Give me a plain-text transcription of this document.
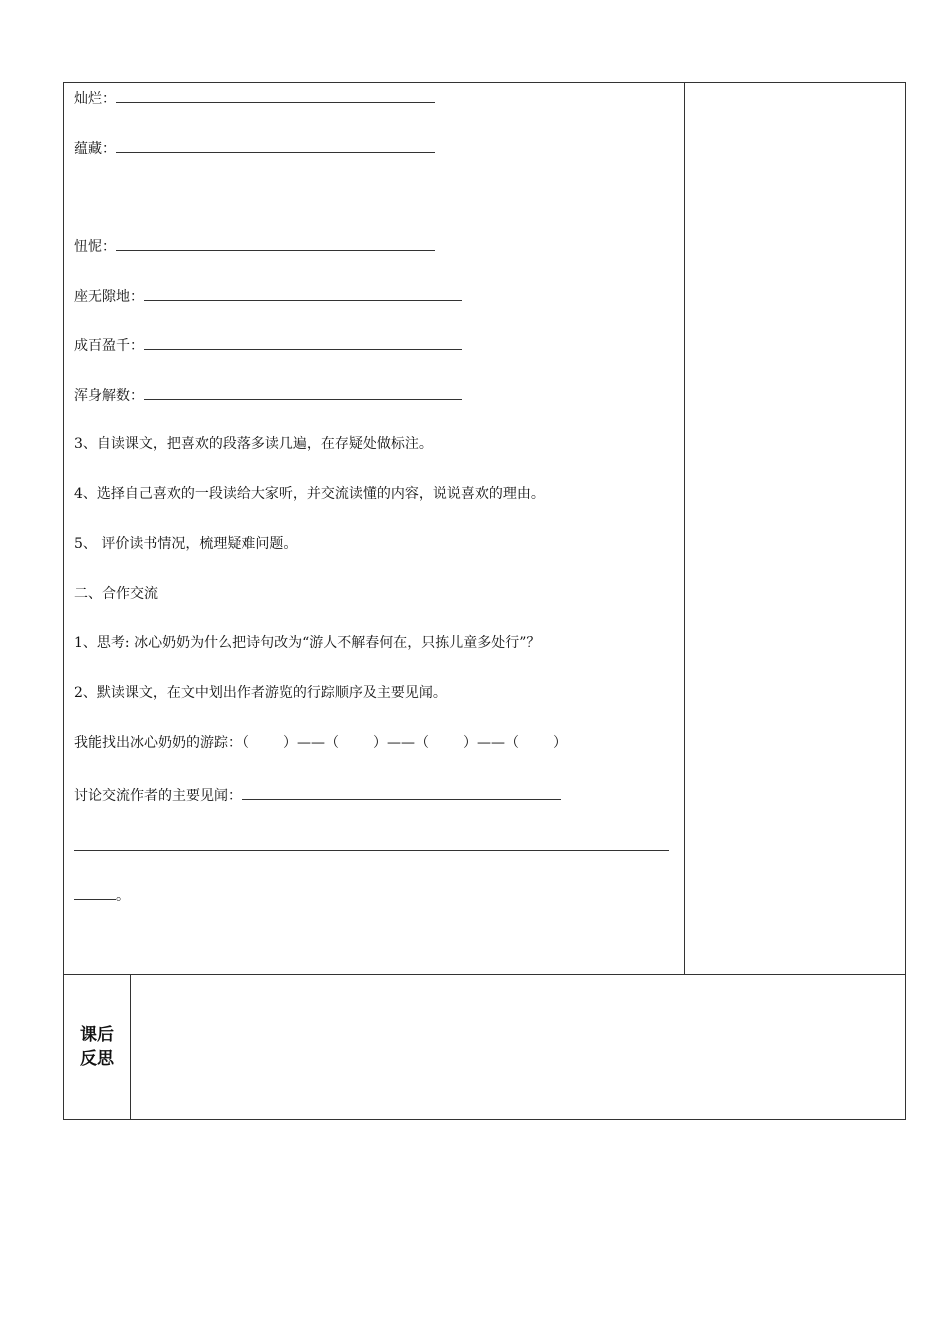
灿烂：
蕴藏：
忸怩：
座无隙地：
成百盈千：
浑身解数：
3、自读课文，把喜欢的段落多读几遍，在存疑处做标注。
4、选择自己喜欢的一段读给大家听，并交流读懂的内容，说说喜欢的理由。
5、 评价读书情况，梳理疑难问题。
二、合作交流
1、思考: 冰心奶奶为什么把诗句改为“游人不解春何在，只拣儿童多处行”？
2、默读课文，在文中划出作者游览的行踪顺序及主要见闻。
我能找出冰心奶奶的游踪：（ ）——（ ）——（ ）——（ ）
讨论交流作者的主要见闻：
。
课后反思
